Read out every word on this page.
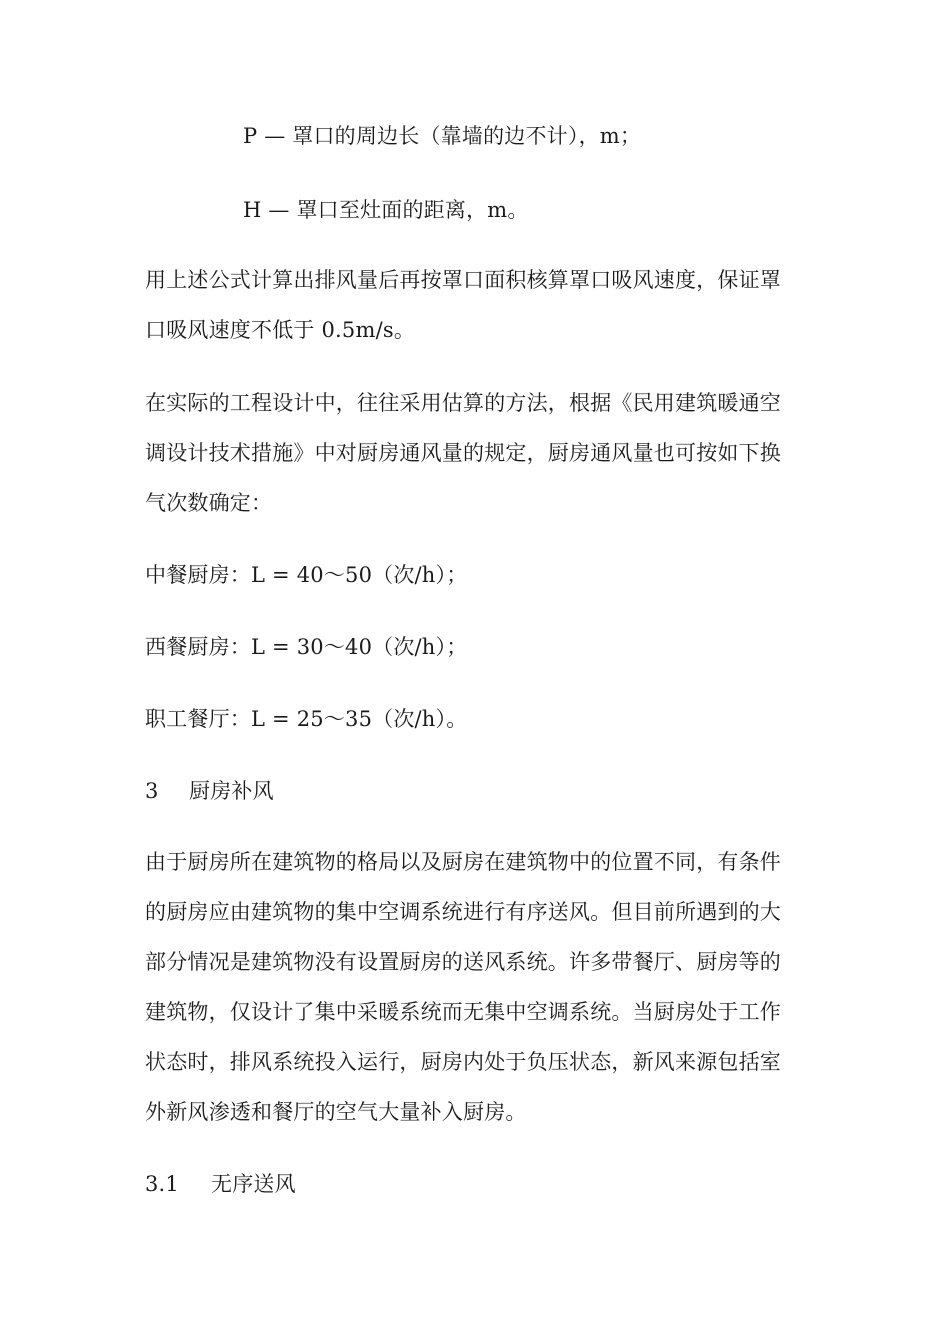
P — 罩口的周边长（靠墙的边不计），m；
H — 罩口至灶面的距离，m。
用上述公式计算出排风量后再按罩口面积核算罩口吸风速度，保证罩
口吸风速度不低于 0.5m/s。
在实际的工程设计中，往往采用估算的方法，根据《民用建筑暖通空
调设计技术措施》中对厨房通风量的规定，厨房通风量也可按如下换
气次数确定：
中餐厨房：L = 40～50（次/h）；
西餐厨房：L = 30～40（次/h）；
职工餐厅：L = 25～35（次/h）。
3 厨房补风
由于厨房所在建筑物的格局以及厨房在建筑物中的位置不同，有条件
的厨房应由建筑物的集中空调系统进行有序送风。但目前所遇到的大
部分情况是建筑物没有设置厨房的送风系统。许多带餐厅、厨房等的
建筑物，仅设计了集中采暖系统而无集中空调系统。当厨房处于工作
状态时，排风系统投入运行，厨房内处于负压状态，新风来源包括室
外新风渗透和餐厅的空气大量补入厨房。
3.1 无序送风
